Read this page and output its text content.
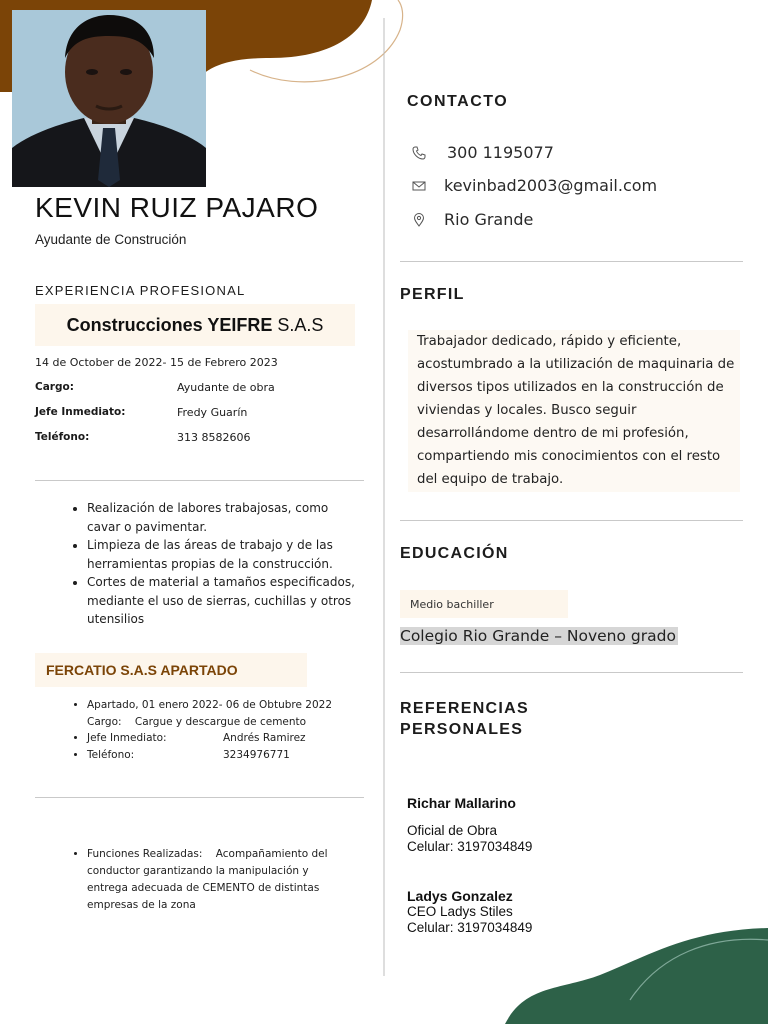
KEVIN RUIZ PAJARO
Ayudante de Construción
EXPERIENCIA PROFESIONAL
Construcciones YEIFRE S.A.S
14 de October de 2022- 15 de Febrero 2023
Cargo:	Ayudante de obra
Jefe Inmediato:	Fredy Guarín
Teléfono:	313 8582606
• Realización de labores trabajosas, como cavar o pavimentar.
• Limpieza de las áreas de trabajo y de las herramientas propias de la construcción.
• Cortes de material a tamaños especificados, mediante el uso de sierras, cuchillas y otros utensilios
FERCATIO S.A.S APARTADO
• Apartado, 01 enero 2022- 06 de Obtubre 2022
Cargo: Cargue y descargue de cemento
• Jefe Inmediato:	Andrés Ramirez
• Teléfono:	3234976771
• Funciones Realizadas: Acompañamiento del conductor garantizando la manipulación y entrega adecuada de CEMENTO de distintas empresas de la zona
CONTACTO
300 1195077
kevinbad2003@gmail.com
Rio Grande
PERFIL
Trabajador dedicado, rápido y eficiente, acostumbrado a la utilización de maquinaria de diversos tipos utilizados en la construcción de viviendas y locales. Busco seguir desarrollándome dentro de mi profesión, compartiendo mis conocimientos con el resto del equipo de trabajo.
EDUCACIÓN
Medio bachiller
Colegio Rio Grande – Noveno grado
REFERENCIAS
PERSONALES
Richar Mallarino
Oficial de Obra
Celular: 3197034849
Ladys Gonzalez
CEO Ladys Stiles
Celular: 3197034849
